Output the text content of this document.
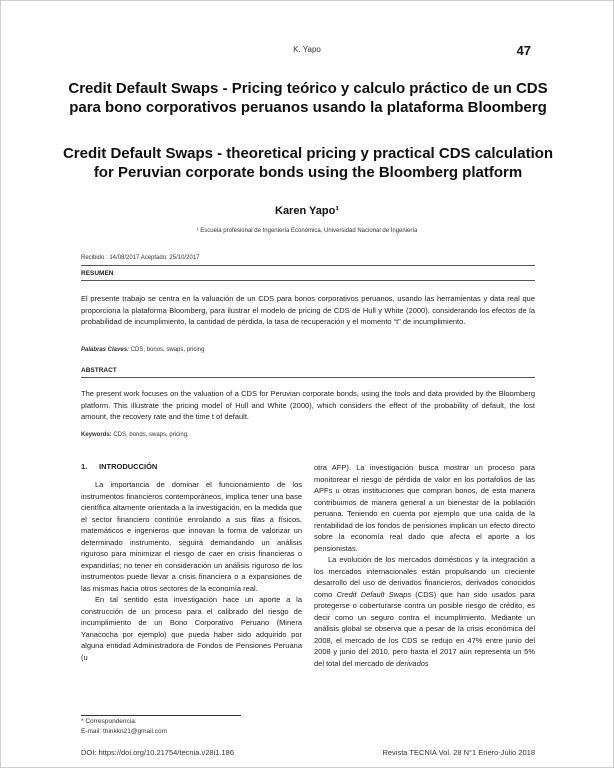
K. Yapo	47
Credit Default Swaps - Pricing teórico y calculo práctico de un CDS para bono corporativos peruanos usando la plataforma Bloomberg
Credit Default Swaps - theoretical pricing y practical CDS calculation for Peruvian corporate bonds using the Bloomberg platform
Karen Yapo¹
¹ Escuela profesional de Ingeniería Económica, Universidad Nacional de Ingeniería
Recibido : 14/08/2017 Aceptado: 25/10/2017
RESUMEN

El presente trabajo se centra en la valuación de un CDS para bonos corporativos peruanos, usando las herramientas y data real que proporciona la plataforma Bloomberg, para ilustrar el modelo de pricing de CDS de Hull y White (2000), considerando los efectos de la probabilidad de incumplimiento, la cantidad de pérdida, la tasa de recuperación y el momento “t” de incumplimiento.

Palabras Claves: CDS, bonos, swaps, pricing
ABSTRACT

The present work focuses on the valuation of a CDS for Peruvian corporate bonds, using the tools and data provided by the Bloomberg platform. This illustrate the pricing model of Hull and White (2000), which considers the effect of the probability of default, the lost amount, the recovery rate and the time t of default.

Keywords: CDS, bonds, swaps, pricing.
1. INTRODUCCIÓN

La importancia de dominar el funcionamiento de los instrumentos financieros contemporáneos, implica tener una base científica altamente orientada a la investigación, en la medida que el sector financiero continúe enrolando a sus filas a físicos, matemáticos e ingenieros que innovan la forma de valorizar un determinado instrumento, seguirá demandando un análisis riguroso para minimizar el riesgo de caer en crisis financieras o expandirlas; no tener en consideración un análisis riguroso de los instrumentos puede llevar a crisis financiera o a expansiones de las mismas hacia otros sectores de la economía real.

En tal sentido esta investigación hace un aporte a la construcción de un proceso para el calibrado del riesgo de incumplimiento de un Bono Corporativo Peruano (Minera Yanacocha por ejemplo) que pueda haber sido adquirido por alguna entidad Administradora de Fondos de Pensiones Peruana (u

otra AFP). La investigación busca mostrar un proceso para monitorear el riesgo de pérdida de valor en los portafolios de las APFs u otras instituciones que compran bonos, de esta manera contribuimos de manera general a un bienestar de la población peruana. Teniendo en cuenta por ejemplo que una caída de la rentabilidad de los fondos de pensiones implican un efecto directo sobre la economía real dado que afecta el aporte a los pensionistas.

La evolución de los mercados domésticos y la integración a los mercados internacionales están propulsando un creciente desarrollo del uso de derivados financieros, derivados conocidos como Credit Default Swaps (CDS) que han sido usados para protegerse o coberturarse contra un posible riesgo de crédito, es decir como un seguro contra el incumplimiento. Mediante un análisis global se observa que a pesar de la crisis económica del 2008, el mercado de los CDS se redujo en 47% entre junio del 2008 y junio del 2010, pero hasta el 2017 aún representa un 5% del total del mercado de derivados

* Correspondencia:
E-mail: thinkkn21@gmail.com
DOI: https://doi.org/10.21754/tecnia.v28i1.186	Revista TECNIA Vol. 28 N°1 Enero-Julio 2018
